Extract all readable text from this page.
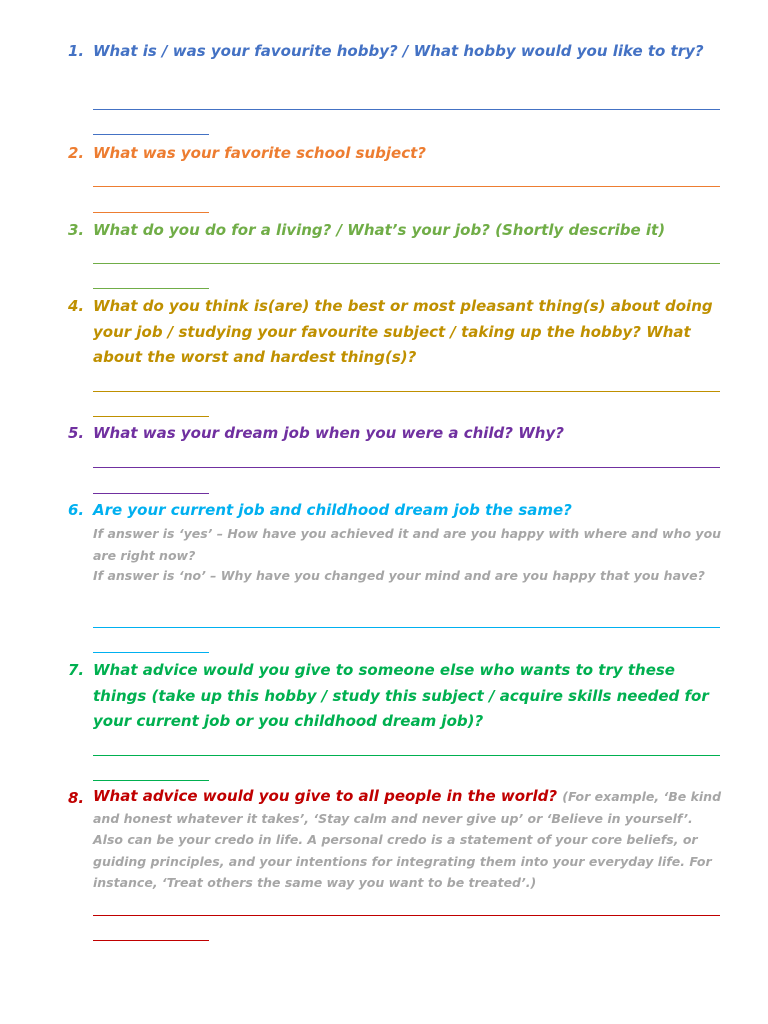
1. What is / was your favourite hobby? / What hobby would you like to try?
2. What was your favorite school subject?
3. What do you do for a living? / What’s your job? (Shortly describe it)
4. What do you think is(are) the best or most pleasant thing(s) about doing your job / studying your favourite subject / taking up the hobby? What about the worst and hardest thing(s)?
5. What was your dream job when you were a child? Why?
6. Are your current job and childhood dream job the same?
If answer is ‘yes’ – How have you achieved it and are you happy with where and who you are right now?
If answer is ‘no’ – Why have you changed your mind and are you happy that you have?
7. What advice would you give to someone else who wants to try these things (take up this hobby / study this subject / acquire skills needed for your current job or you childhood dream job)?
8. What advice would you give to all people in the world? (For example, ‘Be kind and honest whatever it takes’, ‘Stay calm and never give up’ or ‘Believe in yourself’. Also can be your credo in life. A personal credo is a statement of your core beliefs, or guiding principles, and your intentions for integrating them into your everyday life. For instance, ‘Treat others the same way you want to be treated’.)
